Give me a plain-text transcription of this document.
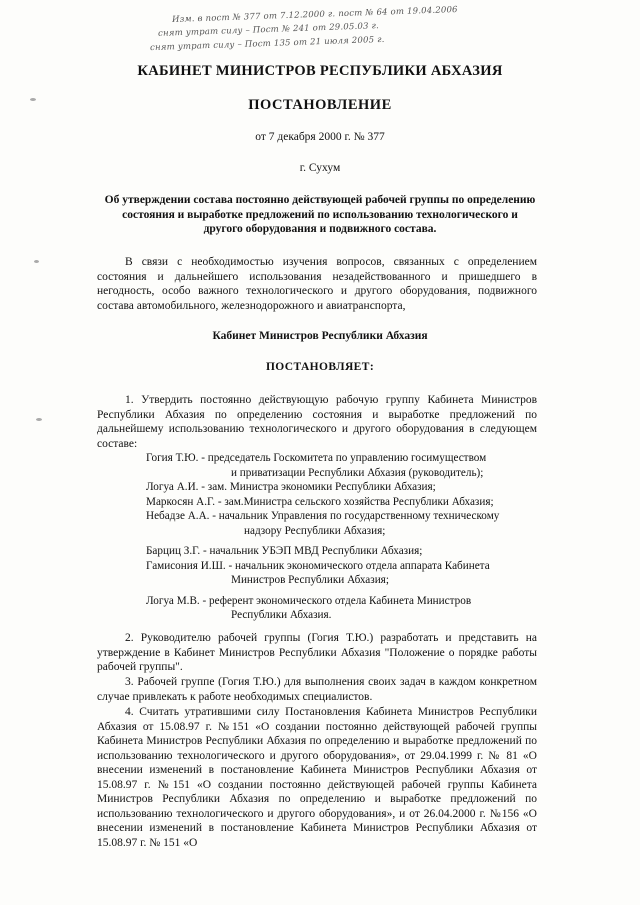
Изм. в пост № 377 от 7.12.2000 г. пост № 64 от 19.04.2006
снят утрат силу – Пост № 241 от 29.05.03 г.
снят утрат силу – Пост 135 от 21 июля 2005 г.
КАБИНЕТ МИНИСТРОВ РЕСПУБЛИКИ АБХАЗИЯ
ПОСТАНОВЛЕНИЕ
от 7 декабря 2000 г. № 377
г. Сухум
Об утверждении состава постоянно действующей рабочей группы по определению
состояния и выработке предложений по использованию технологического и
другого оборудования и подвижного состава.
В связи с необходимостью изучения вопросов, связанных с определением состояния и дальнейшего использования незадействованного и пришедшего в негодность, особо важного технологического и другого оборудования, подвижного состава автомобильного, железнодорожного и авиатранспорта,
Кабинет Министров Республики Абхазия
ПОСТАНОВЛЯЕТ:
1. Утвердить постоянно действующую рабочую группу Кабинета Министров Республики Абхазия по определению состояния и выработке предложений по дальнейшему использованию технологического и другого оборудования в следующем составе:
Гогия Т.Ю. - председатель Госкомитета по управлению госимуществом
и приватизации Республики Абхазия (руководитель);
Логуа А.И. - зам. Министра экономики Республики Абхазия;
Маркосян А.Г. - зам.Министра сельского хозяйства Республики Абхазия;
Небадзе А.А. - начальник Управления по государственному техническому
надзору Республики Абхазия;
Барциц З.Г. - начальник УБЭП МВД Республики Абхазия;
Гамисония И.Ш. - начальник экономического отдела аппарата Кабинета
Министров Республики Абхазия;
Логуа М.В. - референт экономического отдела Кабинета Министров
Республики Абхазия.
2. Руководителю рабочей группы (Гогия Т.Ю.) разработать и представить на утверждение в Кабинет Министров Республики Абхазия "Положение о порядке работы рабочей группы".
3. Рабочей группе (Гогия Т.Ю.) для выполнения своих задач в каждом конкретном случае привлекать к работе необходимых специалистов.
4. Считать утратившими силу Постановления Кабинета Министров Республики Абхазия от 15.08.97 г. №151 «О создании постоянно действующей рабочей группы Кабинета Министров Республики Абхазия по определению и выработке предложений по использованию технологического и другого оборудования», от 29.04.1999 г. № 81 «О внесении изменений в постановление Кабинета Министров Республики Абхазия от 15.08.97 г. №151 «О создании постоянно действующей рабочей группы Кабинета Министров Республики Абхазия по определению и выработке предложений по использованию технологического и другого оборудования», и от 26.04.2000 г. №156 «О внесении изменений в постановление Кабинета Министров Республики Абхазия от 15.08.97 г. № 151 «О
